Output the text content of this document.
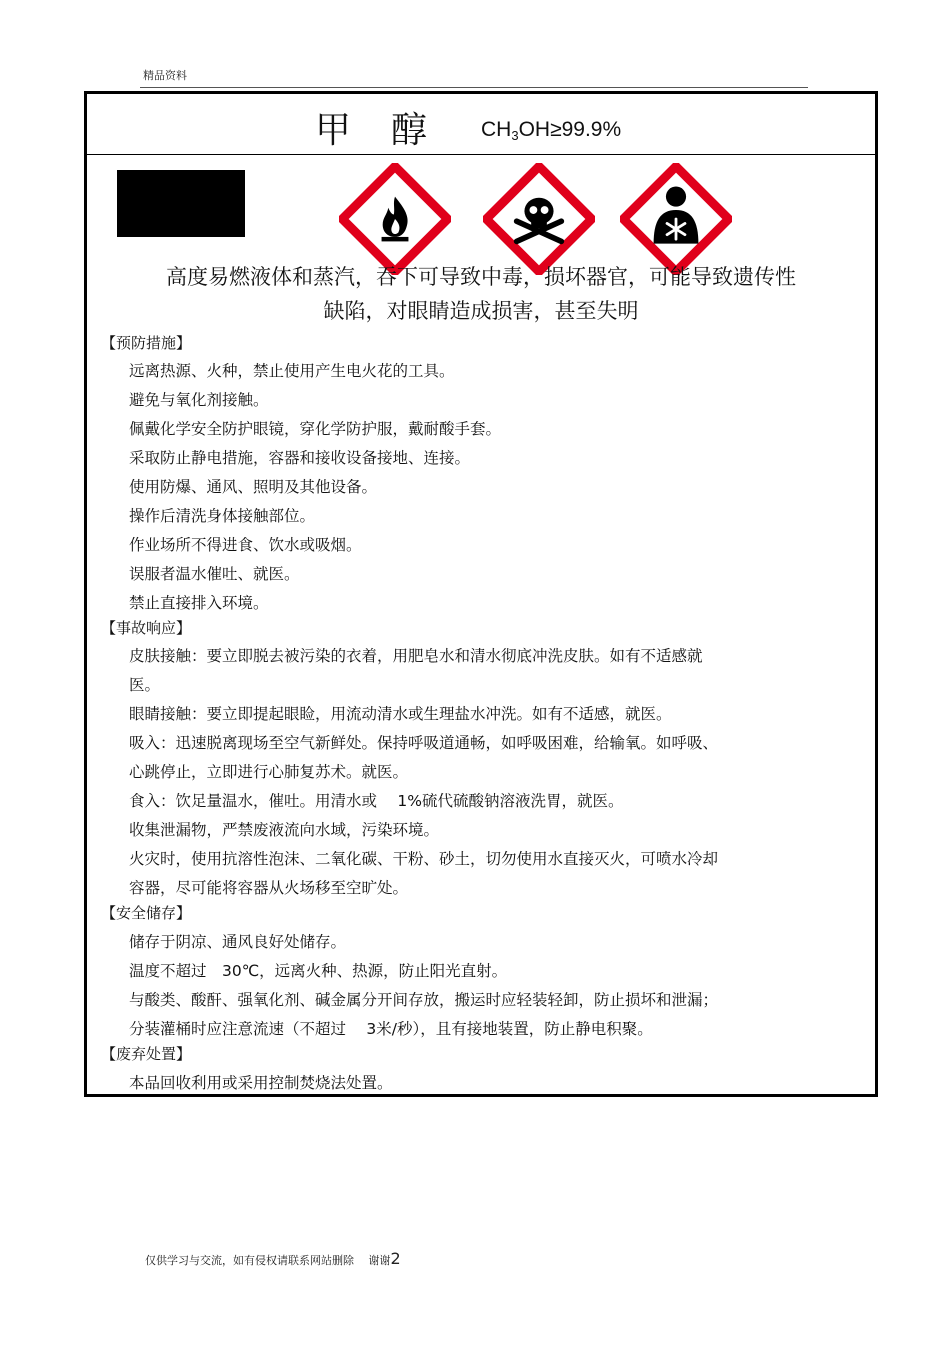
精品资料
甲醇 $CH_3OH\ge 99.9\%$
高度易燃液体和蒸汽，吞下可导致中毒，损坏器官，可能导致遗传性
缺陷，对眼睛造成损害，甚至失明
【预防措施】
远离热源、火种，禁止使用产生电火花的工具。
避免与氧化剂接触。
佩戴化学安全防护眼镜，穿化学防护服，戴耐酸手套。
采取防止静电措施，容器和接收设备接地、连接。
使用防爆、通风、照明及其他设备。
操作后清洗身体接触部位。
作业场所不得进食、饮水或吸烟。
误服者温水催吐、就医。
禁止直接排入环境。
【事故响应】
皮肤接触：要立即脱去被污染的衣着，用肥皂水和清水彻底冲洗皮肤。如有不适感就
医。
眼睛接触：要立即提起眼睑，用流动清水或生理盐水冲洗。如有不适感，就医。
吸入：迅速脱离现场至空气新鲜处。保持呼吸道通畅，如呼吸困难，给输氧。如呼吸、
心跳停止，立即进行心肺复苏术。就医。
食入：饮足量温水，催吐。用清水或　 1%硫代硫酸钠溶液洗胃，就医。
收集泄漏物，严禁废液流向水域，污染环境。
火灾时，使用抗溶性泡沫、二氧化碳、干粉、砂土，切勿使用水直接灭火，可喷水冷却
容器，尽可能将容器从火场移至空旷处。
【安全储存】
储存于阴凉、通风良好处储存。
温度不超过　30℃，远离火种、热源，防止阳光直射。
与酸类、酸酐、强氧化剂、碱金属分开间存放，搬运时应轻装轻卸，防止损坏和泄漏；
分装灌桶时应注意流速（不超过　 3米/秒），且有接地装置，防止静电积聚。
【废弃处置】
本品回收利用或采用控制焚烧法处置。
仅供学习与交流，如有侵权请联系网站删除　 谢谢2
